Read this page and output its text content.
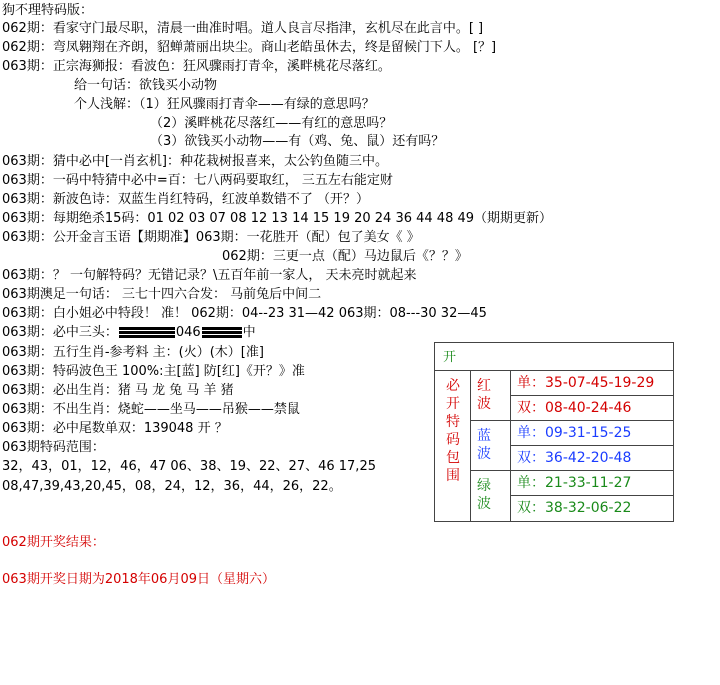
狗不理特码版：
062期：看家守门最尽职，清晨一曲准时唱。道人良言尽指津，玄机尽在此言中。[ ]
062期：弯凤翱翔在齐朗，貂蝉萧丽出块尘。商山老皓虽休去，终是留候门下人。 [？]
063期：正宗海狮报：看波色：狂风骤雨打青伞，溪畔桃花尽落红。
给一句话：欲钱买小动物
个人浅解：（1）狂风骤雨打青伞——有绿的意思吗？
（2）溪畔桃花尽落红——有红的意思吗？
（3）欲钱买小动物——有（鸡、兔、鼠）还有吗？
063期：猜中必中[一肖玄机]：种花栽树报喜来，太公钓鱼随三中。
063期：一码中特猜中必中=百：七八两码要取红， 三五左右能定财
063期：新波色诗：双蓝生肖红特码，红波单数错不了 （开？）
063期：每期绝杀15码：01 02 03 07 08 12 13 14 15 19 20 24 36 44 48 49（期期更新）
063期：公开金言玉语【期期准】063期：一花胜开（配）包了美女《 》
062期：三更一点（配）马边鼠后《？？》
063期：？ 一句解特码？无错记录？\五百年前一家人， 天未亮时就起来
063期澳足一句话： 三七十四六合发： 马前兔后中间二
063期：白小姐必中特段！ 准！ 062期：04--23 31—42 063期：08---30 32—45
063期：必中三头：	046	中
063期：五行生肖-参考料 主：(火）(木）[准]
063期：特码波色王 100%:主[蓝] 防[红]《开？》准
063期：必出生肖：猪 马 龙 兔 马 羊 猪
063期：不出生肖：烧蛇——坐马——吊猴——禁鼠
063期：必中尾数单双：139048 开 ？
063期特码范围：
32，43，01，12，46，47 06、38、19、22、27、46 17,25
08,47,39,43,20,45，08，24，12，36，44，26，22。
062期开奖结果：
063期开奖日期为2018年06月09日（星期六）
开
必开特码包围
红波
单：35-07-45-19-29
双：08-40-24-46
蓝波
单：09-31-15-25
双：36-42-20-48
绿波
单：21-33-11-27
双：38-32-06-22
